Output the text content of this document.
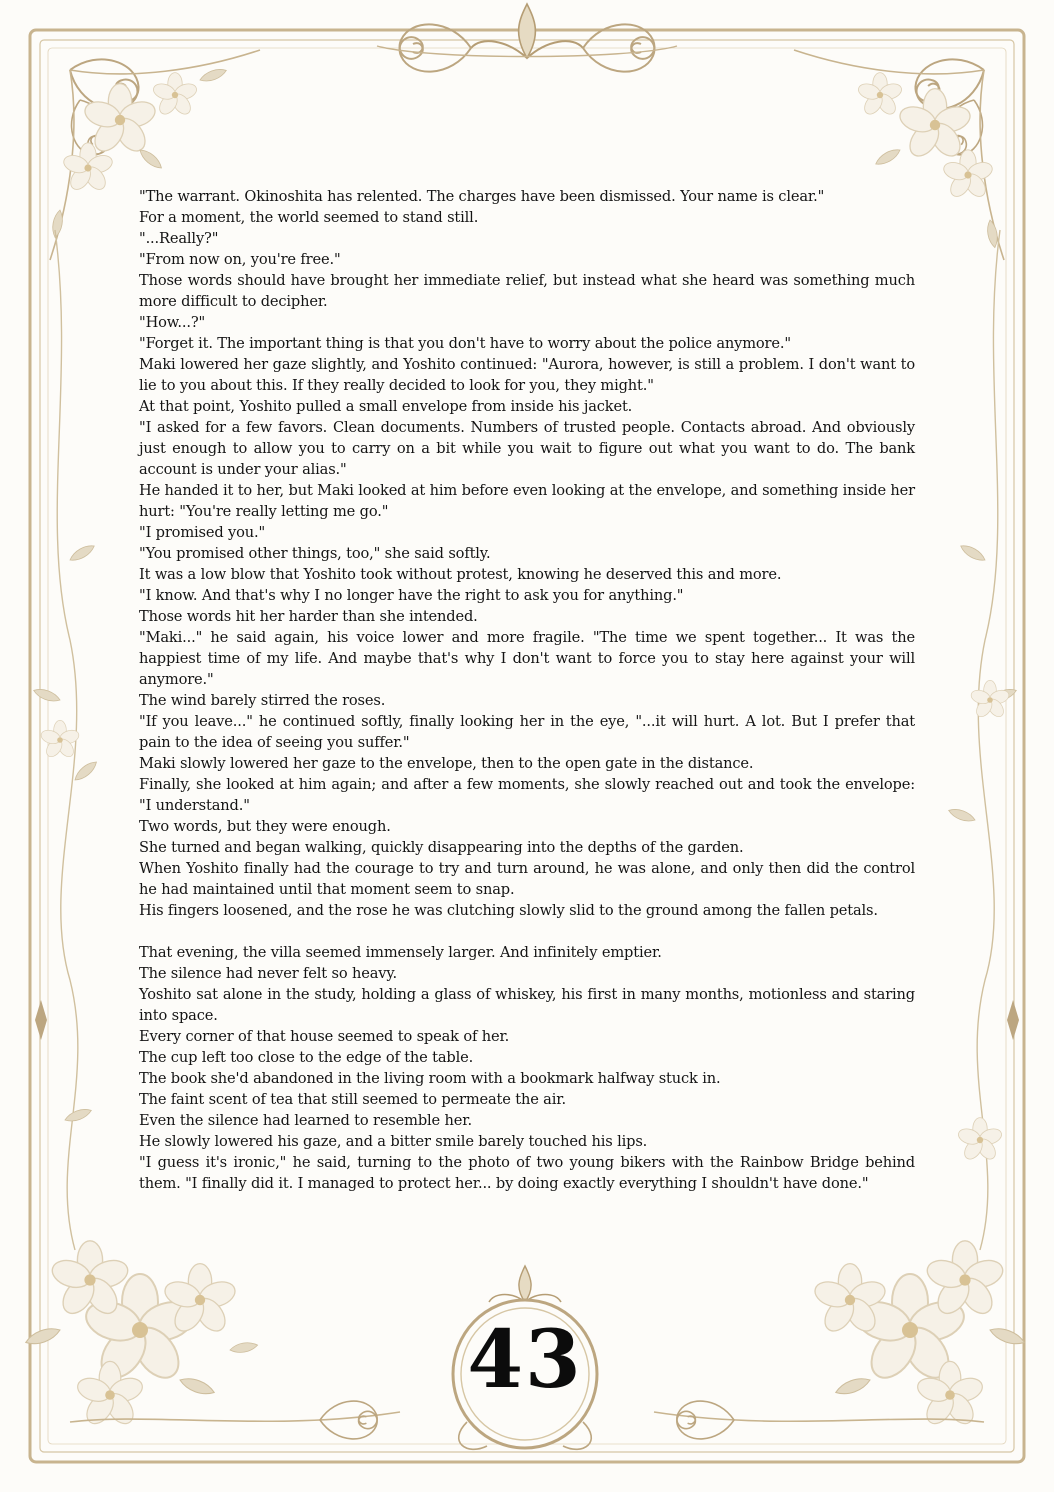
43

"The warrant. Okinoshita has relented. The charges have been dismissed. Your name is clear."

For a moment, the world seemed to stand still.

"...Really?"

"From now on, you're free."

Those words should have brought her immediate relief, but instead what she heard was something much more difficult to decipher.

"How...?"

"Forget it. The important thing is that you don't have to worry about the police anymore."

Maki lowered her gaze slightly, and Yoshito continued: "Aurora, however, is still a problem. I don't want to lie to you about this. If they really decided to look for you, they might."

At that point, Yoshito pulled a small envelope from inside his jacket.

"I asked for a few favors. Clean documents. Numbers of trusted people. Contacts abroad. And obviously just enough to allow you to carry on a bit while you wait to figure out what you want to do. The bank account is under your alias."

He handed it to her, but Maki looked at him before even looking at the envelope, and something inside her hurt: "You're really letting me go."

"I promised you."

"You promised other things, too," she said softly.

It was a low blow that Yoshito took without protest, knowing he deserved this and more.

"I know. And that's why I no longer have the right to ask you for anything."

Those words hit her harder than she intended.

"Maki..." he said again, his voice lower and more fragile. "The time we spent together... It was the happiest time of my life. And maybe that's why I don't want to force you to stay here against your will anymore."

The wind barely stirred the roses.

"If you leave..." he continued softly, finally looking her in the eye, "...it will hurt. A lot. But I prefer that pain to the idea of seeing you suffer."

Maki slowly lowered her gaze to the envelope, then to the open gate in the distance.

Finally, she looked at him again; and after a few moments, she slowly reached out and took the envelope: "I understand."

Two words, but they were enough.

She turned and began walking, quickly disappearing into the depths of the garden.

When Yoshito finally had the courage to try and turn around, he was alone, and only then did the control he had maintained until that moment seem to snap.

His fingers loosened, and the rose he was clutching slowly slid to the ground among the fallen petals.

That evening, the villa seemed immensely larger. And infinitely emptier.

The silence had never felt so heavy.

Yoshito sat alone in the study, holding a glass of whiskey, his first in many months, motionless and staring into space.

Every corner of that house seemed to speak of her.

The cup left too close to the edge of the table.

The book she'd abandoned in the living room with a bookmark halfway stuck in.

The faint scent of tea that still seemed to permeate the air.

Even the silence had learned to resemble her.

He slowly lowered his gaze, and a bitter smile barely touched his lips.

"I guess it's ironic," he said, turning to the photo of two young bikers with the Rainbow Bridge behind them. "I finally did it. I managed to protect her... by doing exactly everything I shouldn't have done."
